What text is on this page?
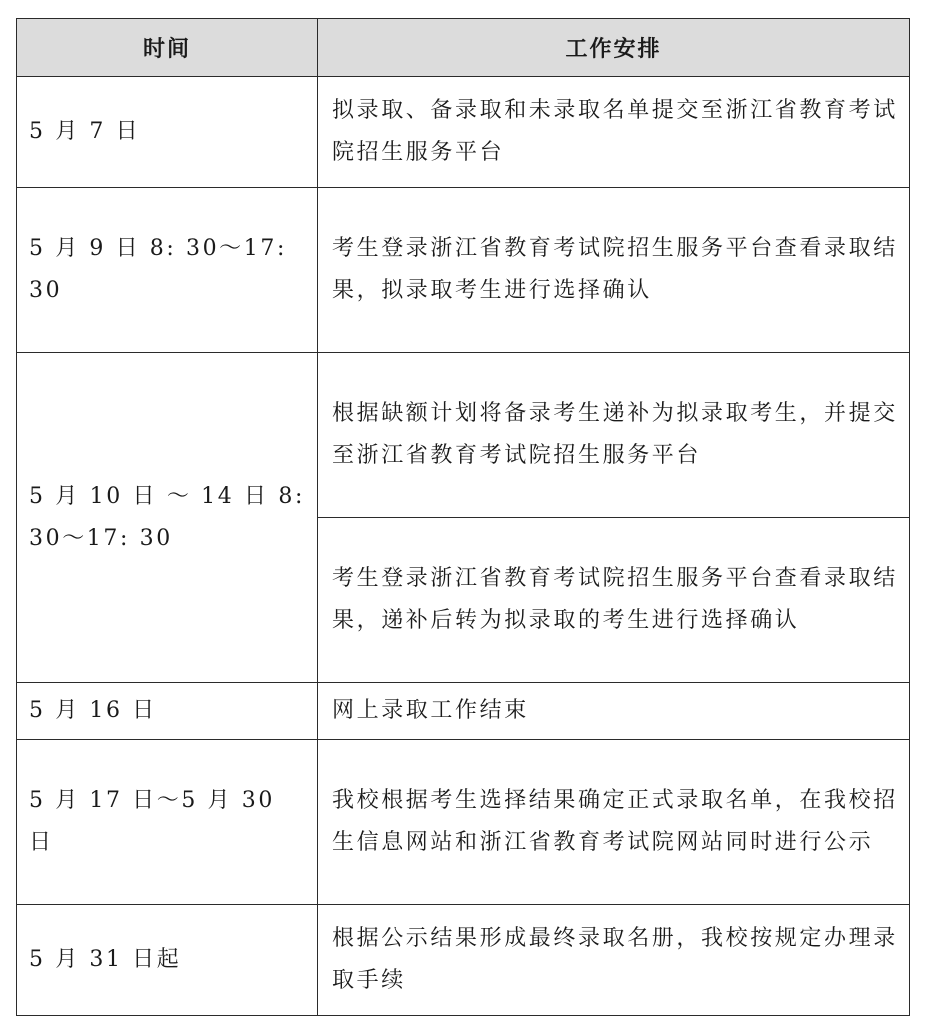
时间	工作安排
5 月 7 日	拟录取、备录取和未录取名单提交至浙江省教育考试院招生服务平台
5 月 9 日 8: 30～17: 30	考生登录浙江省教育考试院招生服务平台查看录取结果，拟录取考生进行选择确认
5 月 10 日 ～ 14 日 8: 30～17: 30	根据缺额计划将备录考生递补为拟录取考生，并提交至浙江省教育考试院招生服务平台
	考生登录浙江省教育考试院招生服务平台查看录取结果，递补后转为拟录取的考生进行选择确认
5 月 16 日	网上录取工作结束
5 月 17 日～5 月 30 日	我校根据考生选择结果确定正式录取名单，在我校招生信息网站和浙江省教育考试院网站同时进行公示
5 月 31 日起	根据公示结果形成最终录取名册，我校按规定办理录取手续
